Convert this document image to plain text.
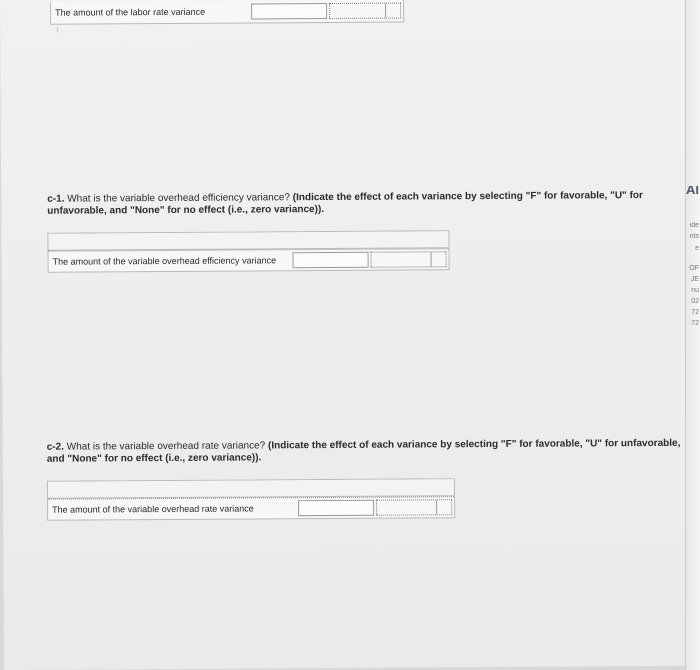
The amount of the labor rate variance
I
c-1. What is the variable overhead efficiency variance? (Indicate the effect of each variance by selecting "F" for favorable, "U" for unfavorable, and "None" for no effect (i.e., zero variance)).
The amount of the variable overhead efficiency variance
c-2. What is the variable overhead rate variance? (Indicate the effect of each variance by selecting "F" for favorable, "U" for unfavorable, and "None" for no effect (i.e., zero variance)).
The amount of the variable overhead rate variance
Al
ide
nts
e
OF
JE
nu
02
72
72
